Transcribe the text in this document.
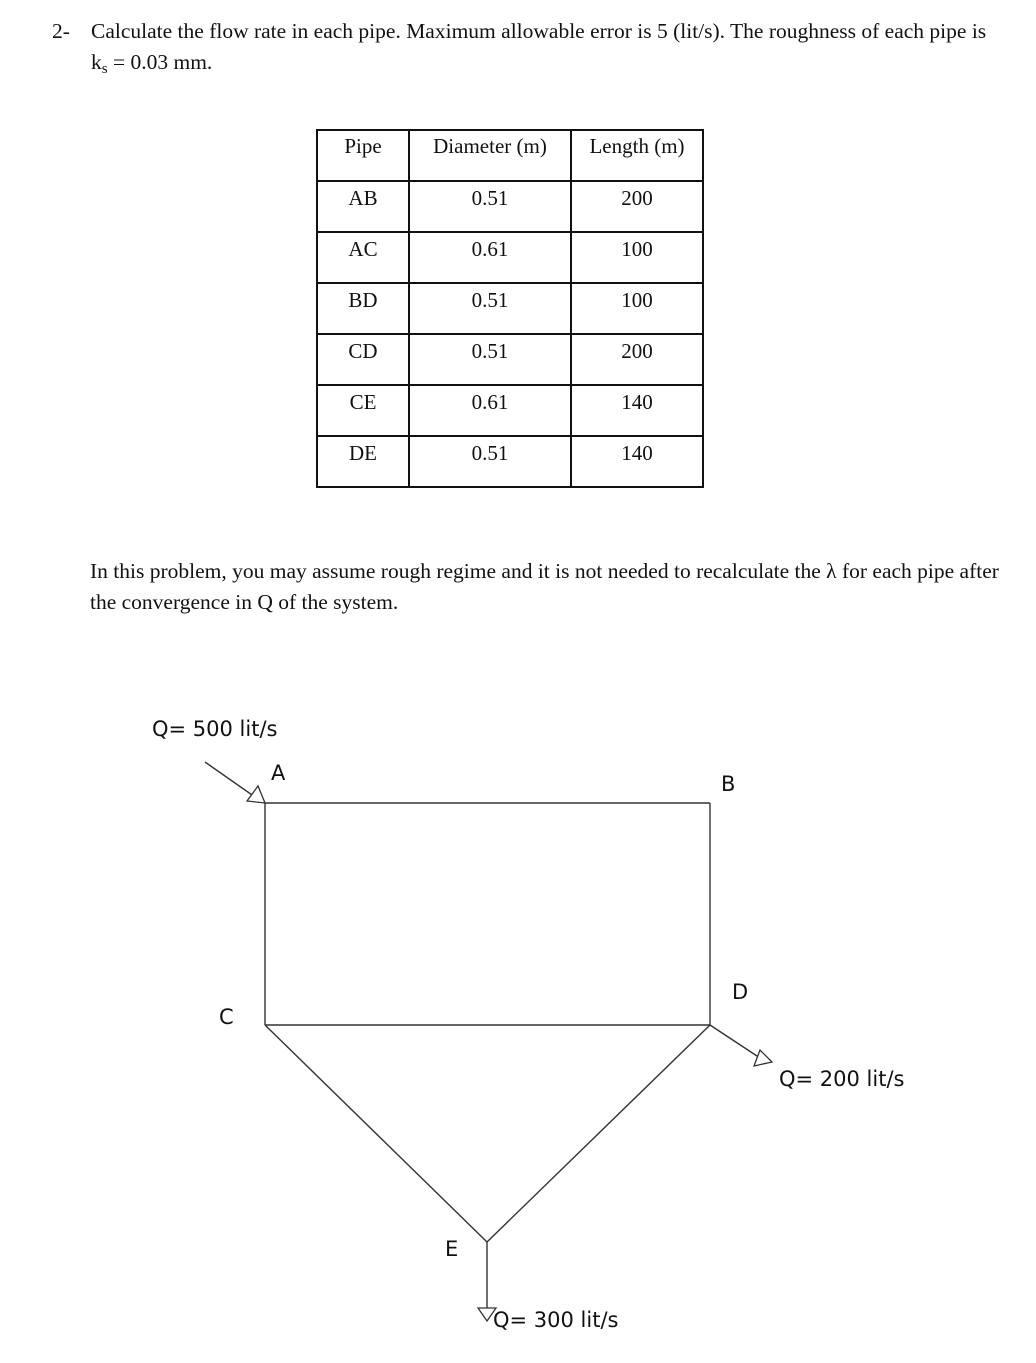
2- Calculate the flow rate in each pipe. Maximum allowable error is 5 (lit/s). The roughness of each pipe is $k_s = 0.03$ mm.
Pipe	Diameter (m)	Length (m)
AB	0.51	200
AC	0.61	100
BD	0.51	100
CD	0.51	200
CE	0.61	140
DE	0.51	140
In this problem, you may assume rough regime and it is not needed to recalculate the λ for each pipe after the convergence in Q of the system.
A	B
C
D
E
Q= 500 lit/s
Q= 200 lit/s
Q= 300 lit/s
